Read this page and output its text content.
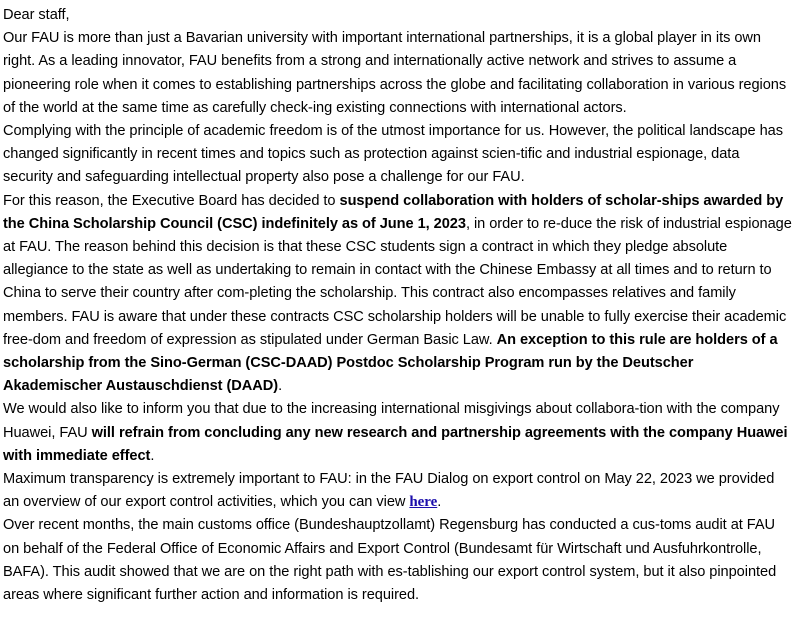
Dear staff,

Our FAU is more than just a Bavarian university with important international partnerships, it is a global player in its own right. As a leading innovator, FAU benefits from a strong and internationally active network and strives to assume a pioneering role when it comes to establishing partnerships across the globe and facilitating collaboration in various regions of the world at the same time as carefully check-ing existing connections with international actors.

Complying with the principle of academic freedom is of the utmost importance for us. However, the political landscape has changed significantly in recent times and topics such as protection against scien-tific and industrial espionage, data security and safeguarding intellectual property also pose a challenge for our FAU.

For this reason, the Executive Board has decided to suspend collaboration with holders of scholar-ships awarded by the China Scholarship Council (CSC) indefinitely as of June 1, 2023, in order to re-duce the risk of industrial espionage at FAU. The reason behind this decision is that these CSC students sign a contract in which they pledge absolute allegiance to the state as well as undertaking to remain in contact with the Chinese Embassy at all times and to return to China to serve their country after com-pleting the scholarship. This contract also encompasses relatives and family members. FAU is aware that under these contracts CSC scholarship holders will be unable to fully exercise their academic free-dom and freedom of expression as stipulated under German Basic Law. An exception to this rule are holders of a scholarship from the Sino-German (CSC-DAAD) Postdoc Scholarship Program run by the Deutscher Akademischer Austauschdienst (DAAD).

We would also like to inform you that due to the increasing international misgivings about collabora-tion with the company Huawei, FAU will refrain from concluding any new research and partnership agreements with the company Huawei with immediate effect.

Maximum transparency is extremely important to FAU: in the FAU Dialog on export control on May 22, 2023 we provided an overview of our export control activities, which you can view here.

Over recent months, the main customs office (Bundeshauptzollamt) Regensburg has conducted a cus-toms audit at FAU on behalf of the Federal Office of Economic Affairs and Export Control (Bundesamt für Wirtschaft und Ausfuhrkontrolle, BAFA). This audit showed that we are on the right path with es-tablishing our export control system, but it also pinpointed areas where significant further action and information is required.
